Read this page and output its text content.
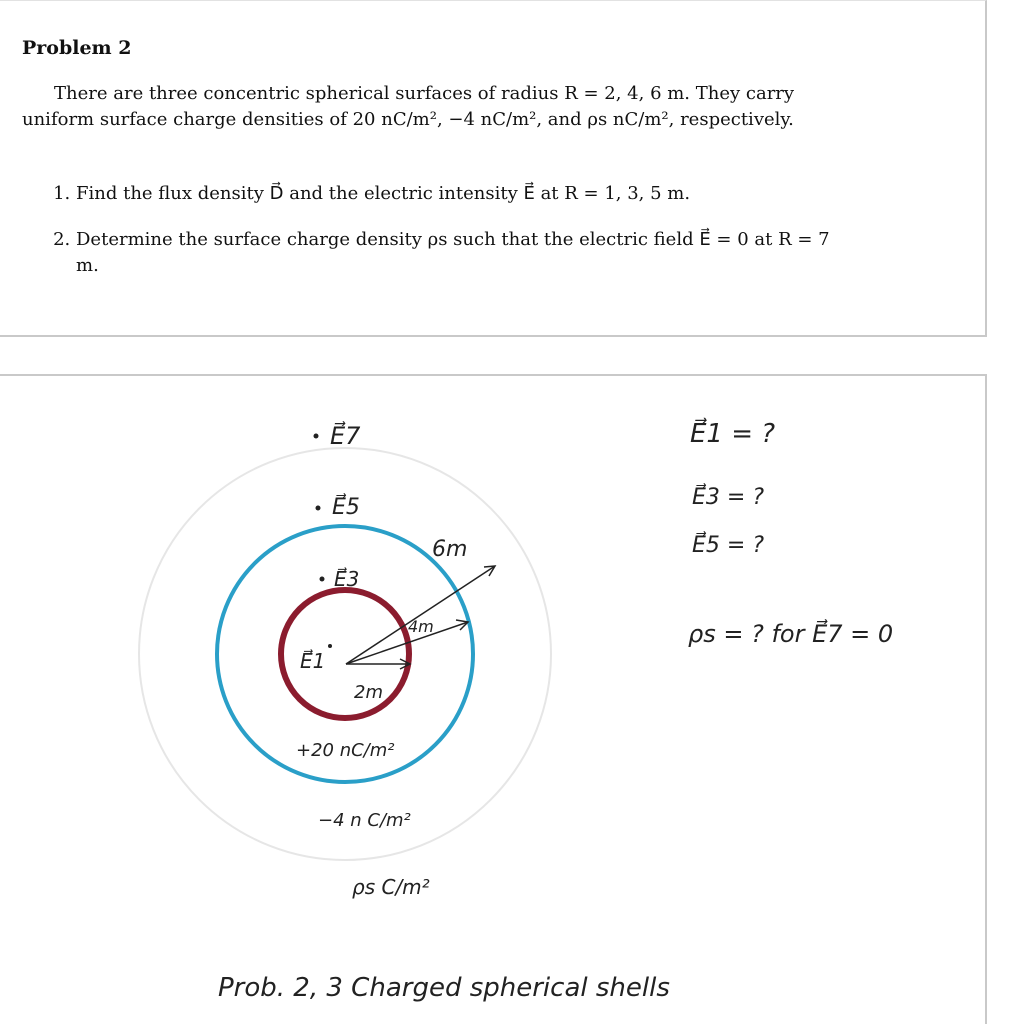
Problem 2
There are three concentric spherical surfaces of radius R = 2, 4, 6 m. They carry uniform surface charge densities of 20 nC/m², −4 nC/m², and ρs nC/m², respectively.
1. Find the flux density D⃗ and the electric intensity E⃗ at R = 1, 3, 5 m.
2. Determine the surface charge density ρs such that the electric field E⃗ = 0 at R = 7 m.
E⃗7
E⃗5
E⃗3
E⃗1
6m
4m
2m
+20 nC/m²
−4 n C/m²
ρs C/m²
E⃗1 = ?
E⃗3 = ?
E⃗5 = ?
ρs = ? for E⃗7 = 0
Prob. 2, 3 Charged spherical shells
